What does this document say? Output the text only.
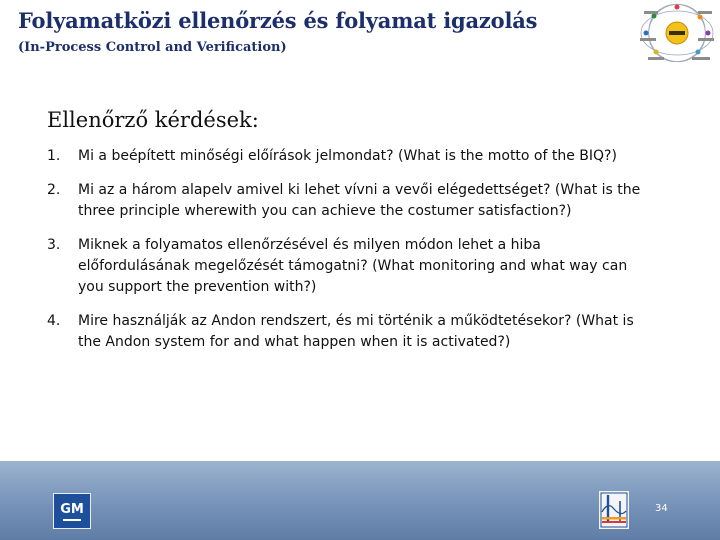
Folyamatközi ellenőrzés és folyamat igazolás
(In-Process Control and Verification)
Ellenőrző kérdések:
1. Mi a beépített minőségi előírások jelmondat? (What is the motto of the BIQ?)
2. Mi az a három alapelv amivel ki lehet vívni a vevői elégedettséget? (What is the three principle wherewith you can achieve the costumer satisfaction?)
3. Miknek a folyamatos ellenőrzésével és milyen módon lehet a hiba előfordulásának megelőzését támogatni? (What monitoring and what way can you support the prevention with?)
4. Mire használják az Andon rendszert, és mi történik a működtetésekor? (What is the Andon system for and what happen when it is activated?)
GM	34
